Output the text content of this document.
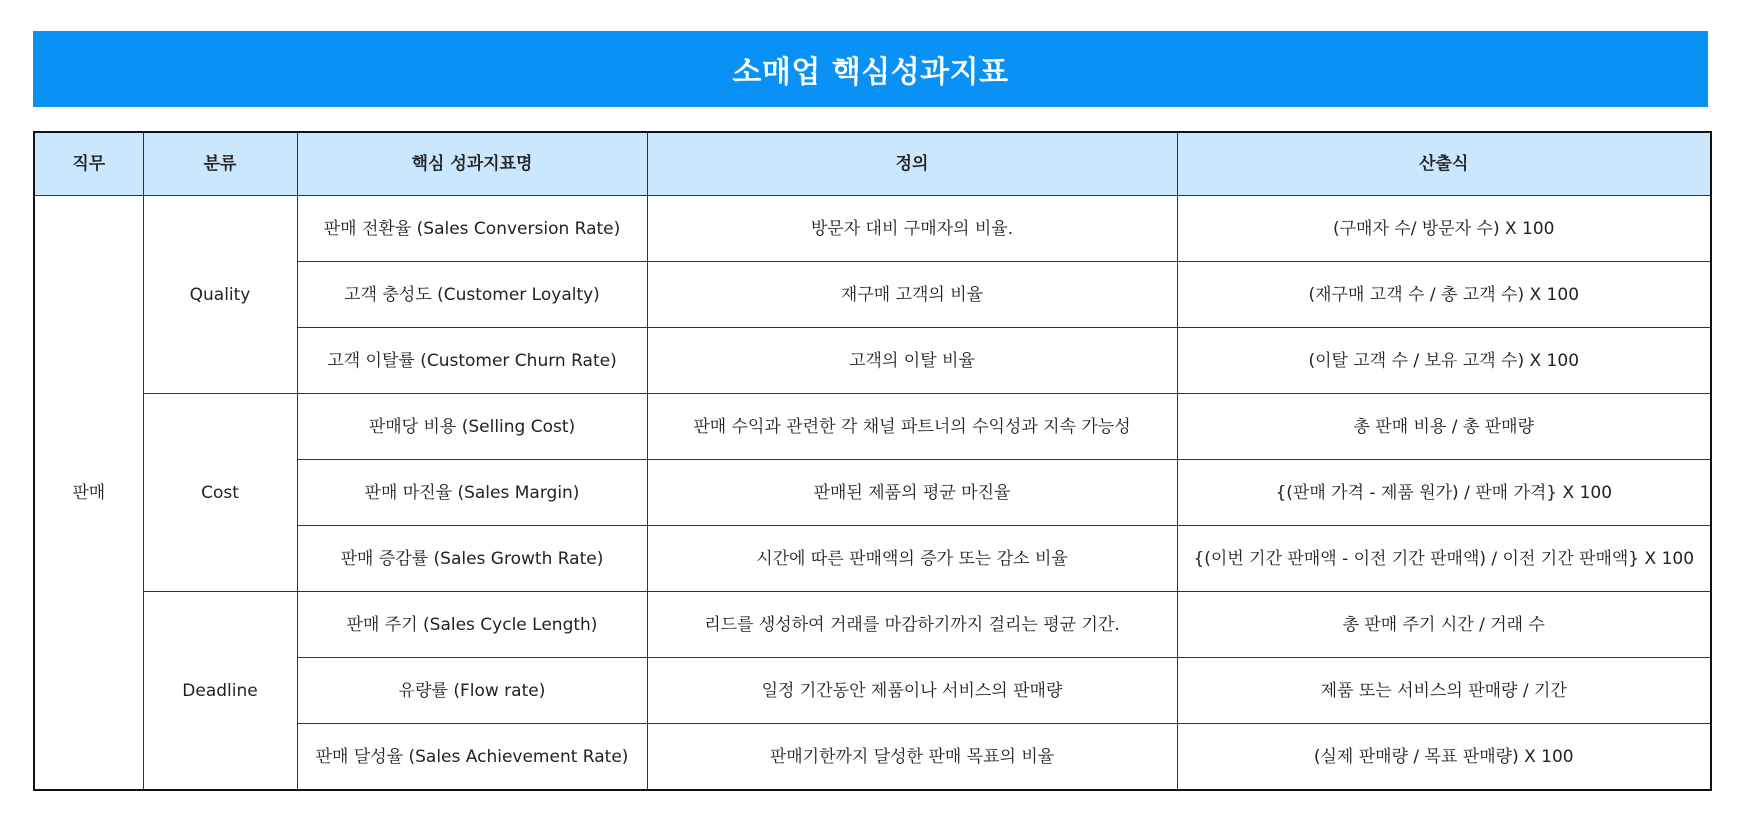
소매업 핵심성과지표
직무	분류	핵심 성과지표명	정의	산출식
판매	Quality	판매 전환율 (Sales Conversion Rate)	방문자 대비 구매자의 비율.	(구매자 수/ 방문자 수) X 100
		고객 충성도 (Customer Loyalty)	재구매 고객의 비율	(재구매 고객 수 / 총 고객 수) X 100
		고객 이탈률 (Customer Churn Rate)	고객의 이탈 비율	(이탈 고객 수 / 보유 고객 수) X 100
	Cost	판매당 비용 (Selling Cost)	판매 수익과 관련한 각 채널 파트너의 수익성과 지속 가능성	총 판매 비용 / 총 판매량
		판매 마진율 (Sales Margin)	판매된 제품의 평균 마진율	{(판매 가격 - 제품 원가) / 판매 가격} X 100
		판매 증감률 (Sales Growth Rate)	시간에 따른 판매액의 증가 또는 감소 비율	{(이번 기간 판매액 - 이전 기간 판매액) / 이전 기간 판매액} X 100
	Deadline	판매 주기 (Sales Cycle Length)	리드를 생성하여 거래를 마감하기까지 걸리는 평균 기간.	총 판매 주기 시간 / 거래 수
		유량률 (Flow rate)	일정 기간동안 제품이나 서비스의 판매량	제품 또는 서비스의 판매량 / 기간
		판매 달성율 (Sales Achievement Rate)	판매기한까지 달성한 판매 목표의 비율	(실제 판매량 / 목표 판매량) X 100
